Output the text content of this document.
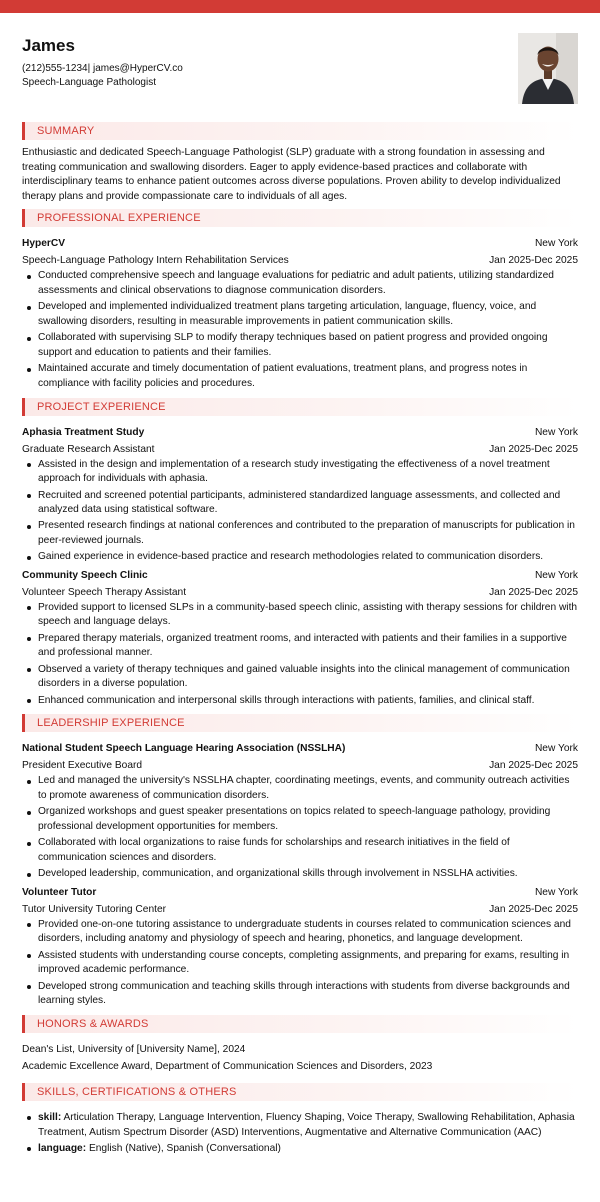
James
(212)555-1234| james@HyperCV.co
Speech-Language Pathologist
SUMMARY

Enthusiastic and dedicated Speech-Language Pathologist (SLP) graduate with a strong foundation in assessing and treating communication and swallowing disorders. Eager to apply evidence-based practices and collaborate with interdisciplinary teams to enhance patient outcomes across diverse populations. Proven ability to develop individualized therapy plans and provide compassionate care to individuals of all ages.

PROFESSIONAL EXPERIENCE
HyperCV	New York
Speech-Language Pathology Intern Rehabilitation Services	Jan 2025-Dec 2025
Conducted comprehensive speech and language evaluations for pediatric and adult patients, utilizing standardized assessments and clinical observations to diagnose communication disorders.
Developed and implemented individualized treatment plans targeting articulation, language, fluency, voice, and swallowing disorders, resulting in measurable improvements in patient communication skills.
Collaborated with supervising SLP to modify therapy techniques based on patient progress and provided ongoing support and education to patients and their families.
Maintained accurate and timely documentation of patient evaluations, treatment plans, and progress notes in compliance with facility policies and procedures.
PROJECT EXPERIENCE
Aphasia Treatment Study	New York
Graduate Research Assistant	Jan 2025-Dec 2025
Assisted in the design and implementation of a research study investigating the effectiveness of a novel treatment approach for individuals with aphasia.
Recruited and screened potential participants, administered standardized language assessments, and collected and analyzed data using statistical software.
Presented research findings at national conferences and contributed to the preparation of manuscripts for publication in peer-reviewed journals.
Gained experience in evidence-based practice and research methodologies related to communication disorders.
Community Speech Clinic	New York
Volunteer Speech Therapy Assistant	Jan 2025-Dec 2025
Provided support to licensed SLPs in a community-based speech clinic, assisting with therapy sessions for children with speech and language delays.
Prepared therapy materials, organized treatment rooms, and interacted with patients and their families in a supportive and professional manner.
Observed a variety of therapy techniques and gained valuable insights into the clinical management of communication disorders in a diverse population.
Enhanced communication and interpersonal skills through interactions with patients, families, and clinical staff.
LEADERSHIP EXPERIENCE
National Student Speech Language Hearing Association (NSSLHA)	New York
President Executive Board	Jan 2025-Dec 2025
Led and managed the university's NSSLHA chapter, coordinating meetings, events, and community outreach activities to promote awareness of communication disorders.
Organized workshops and guest speaker presentations on topics related to speech-language pathology, providing professional development opportunities for members.
Collaborated with local organizations to raise funds for scholarships and research initiatives in the field of communication sciences and disorders.
Developed leadership, communication, and organizational skills through involvement in NSSLHA activities.
Volunteer Tutor	New York
Tutor University Tutoring Center	Jan 2025-Dec 2025
Provided one-on-one tutoring assistance to undergraduate students in courses related to communication sciences and disorders, including anatomy and physiology of speech and hearing, phonetics, and language development.
Assisted students with understanding course concepts, completing assignments, and preparing for exams, resulting in improved academic performance.
Developed strong communication and teaching skills through interactions with students from diverse backgrounds and learning styles.
HONORS & AWARDS
Dean's List, University of [University Name], 2024
Academic Excellence Award, Department of Communication Sciences and Disorders, 2023
SKILLS, CERTIFICATIONS & OTHERS
skill: Articulation Therapy, Language Intervention, Fluency Shaping, Voice Therapy, Swallowing Rehabilitation, Aphasia Treatment, Autism Spectrum Disorder (ASD) Interventions, Augmentative and Alternative Communication (AAC)
language: English (Native), Spanish (Conversational)
